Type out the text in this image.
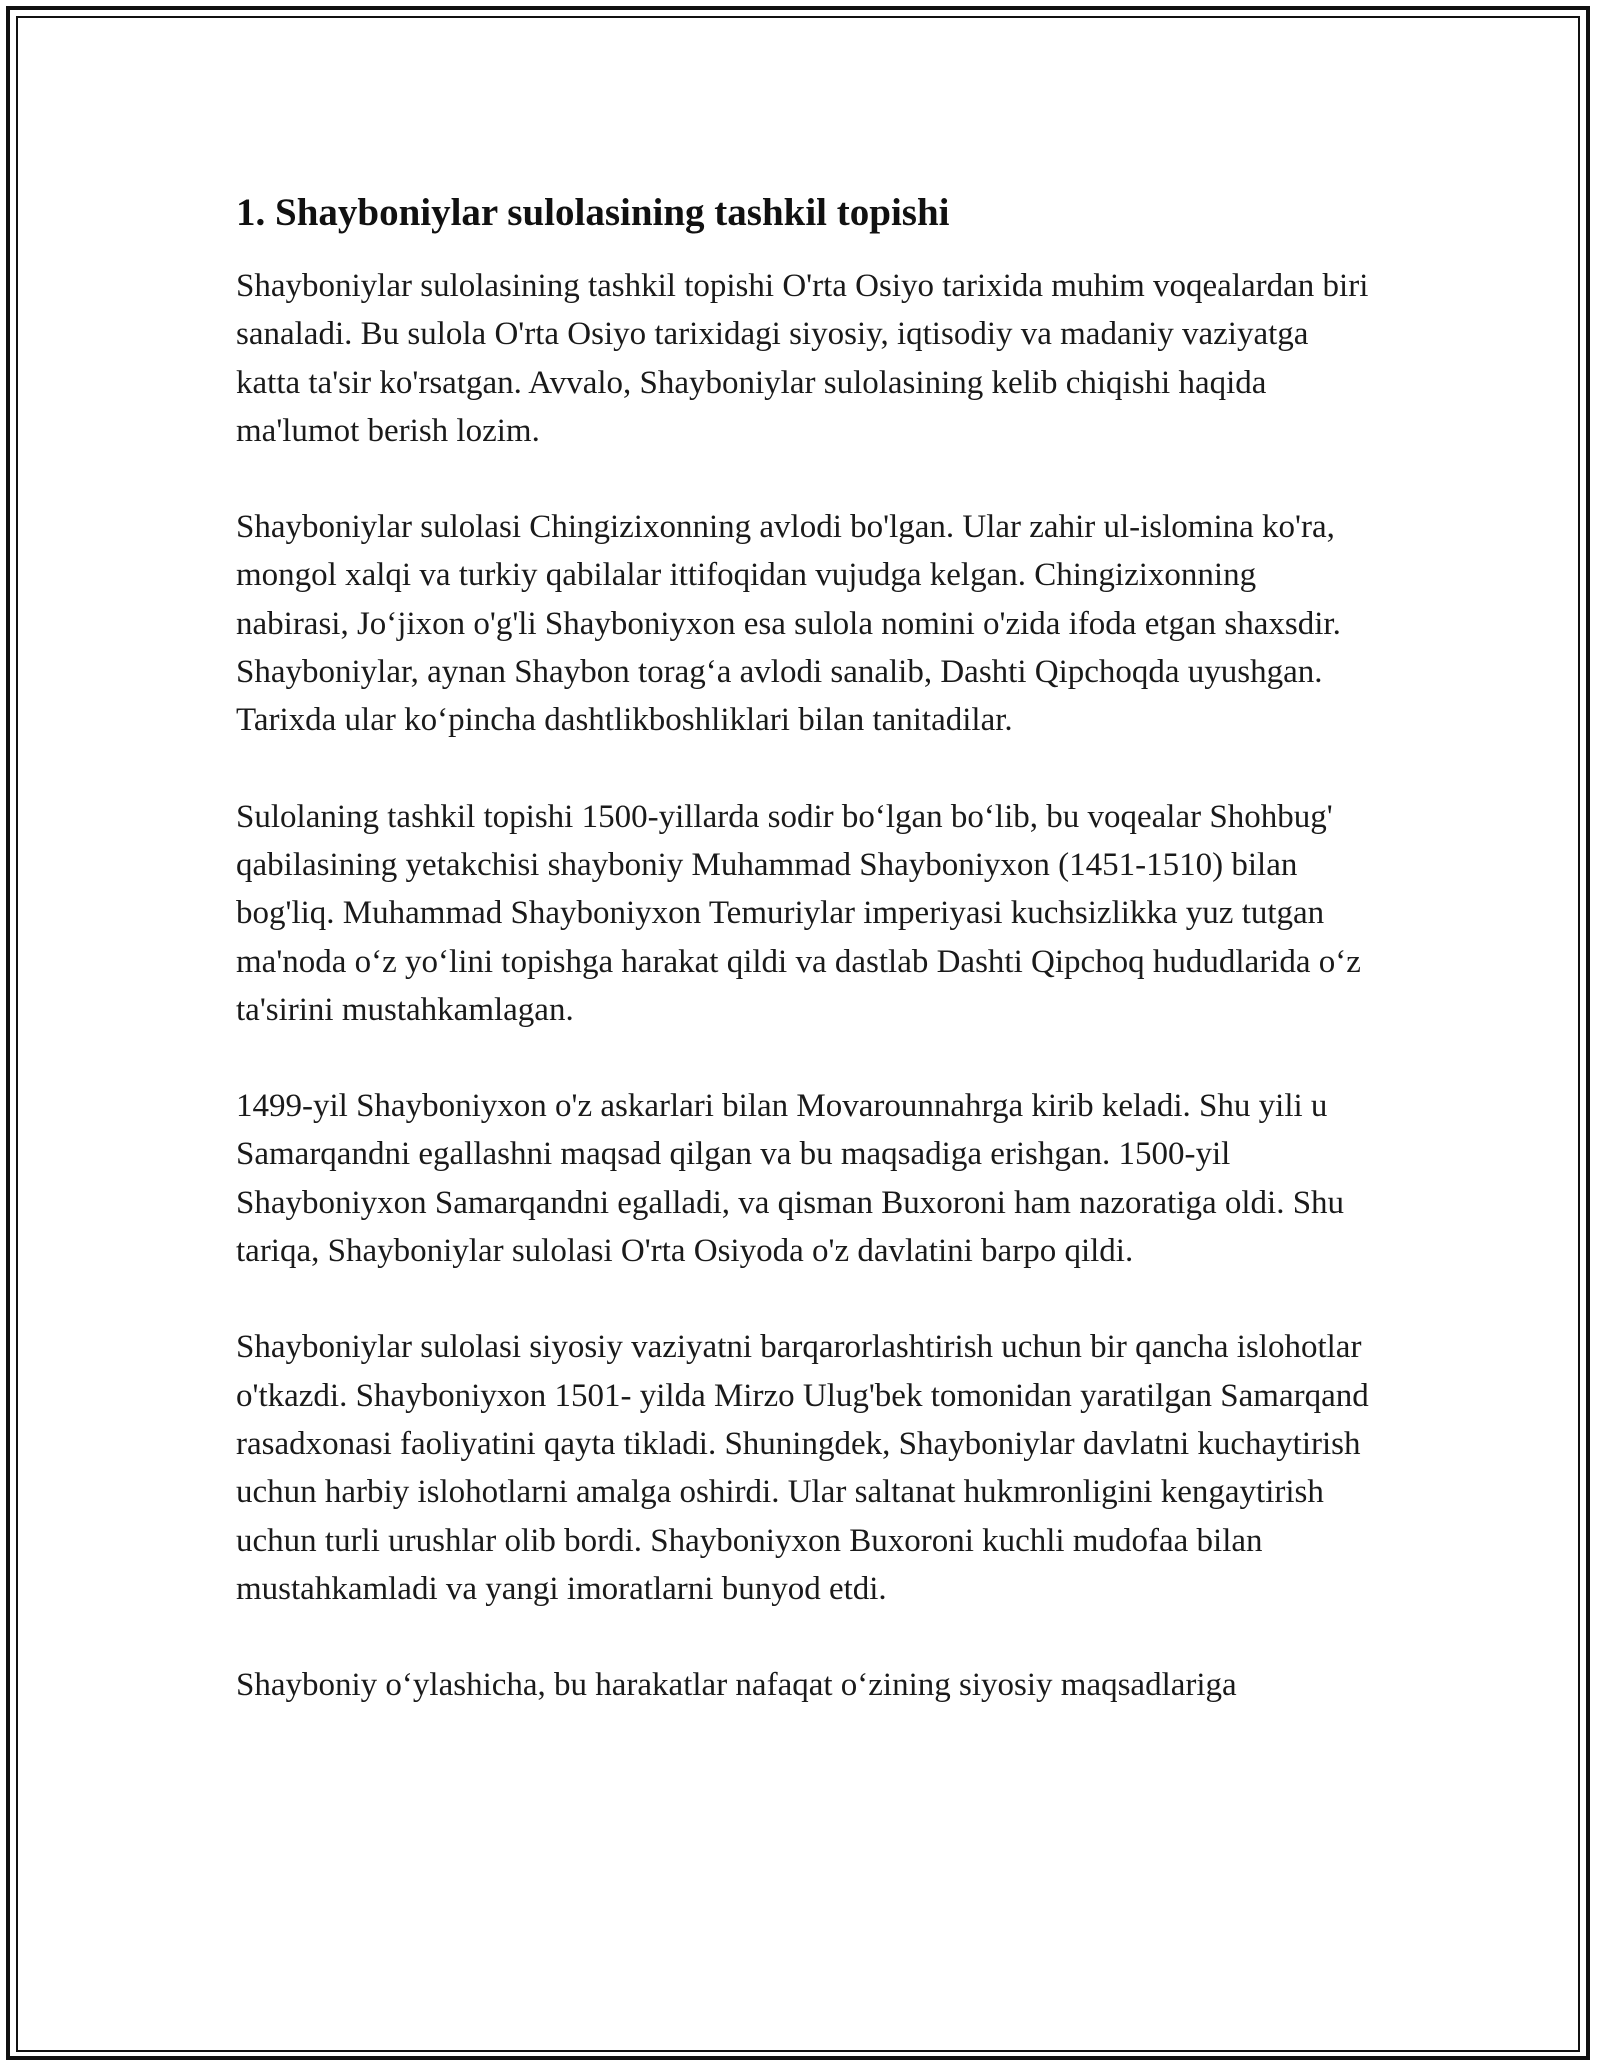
1. Shayboniylar sulolasining tashkil topishi

Shayboniylar sulolasining tashkil topishi O'rta Osiyo tarixida muhim voqealardan biri sanaladi. Bu sulola O'rta Osiyo tarixidagi siyosiy, iqtisodiy va madaniy vaziyatga katta ta'sir ko'rsatgan. Avvalo, Shayboniylar sulolasining kelib chiqishi haqida ma'lumot berish lozim.

Shayboniylar sulolasi Chingizixonning avlodi bo'lgan. Ular zahir ul-islomina ko'ra, mongol xalqi va turkiy qabilalar ittifoqidan vujudga kelgan. Chingizixonning nabirasi, Jo‘jixon o'g'li Shayboniyxon esa sulola nomini o'zida ifoda etgan shaxsdir. Shayboniylar, aynan Shaybon torag‘a avlodi sanalib, Dashti Qipchoqda uyushgan. Tarixda ular ko‘pincha dashtlikboshliklari bilan tanitadilar.

Sulolaning tashkil topishi 1500-yillarda sodir bo‘lgan bo‘lib, bu voqealar Shohbug' qabilasining yetakchisi shayboniy Muhammad Shayboniyxon (1451-1510) bilan bog'liq. Muhammad Shayboniyxon Temuriylar imperiyasi kuchsizlikka yuz tutgan ma'noda o‘z yo‘lini topishga harakat qildi va dastlab Dashti Qipchoq hududlarida o‘z ta'sirini mustahkamlagan.

1499-yil Shayboniyxon o'z askarlari bilan Movarounnahrga kirib keladi. Shu yili u Samarqandni egallashni maqsad qilgan va bu maqsadiga erishgan. 1500-yil Shayboniyxon Samarqandni egalladi, va qisman Buxoroni ham nazoratiga oldi. Shu tariqa, Shayboniylar sulolasi O'rta Osiyoda o'z davlatini barpo qildi.

Shayboniylar sulolasi siyosiy vaziyatni barqarorlashtirish uchun bir qancha islohotlar o'tkazdi. Shayboniyxon 1501- yilda Mirzo Ulug'bek tomonidan yaratilgan Samarqand rasadxonasi faoliyatini qayta tikladi. Shuningdek, Shayboniylar davlatni kuchaytirish uchun harbiy islohotlarni amalga oshirdi. Ular saltanat hukmronligini kengaytirish uchun turli urushlar olib bordi. Shayboniyxon Buxoroni kuchli mudofaa bilan mustahkamladi va yangi imoratlarni bunyod etdi.

Shayboniy o‘ylashicha, bu harakatlar nafaqat o‘zining siyosiy maqsadlariga
